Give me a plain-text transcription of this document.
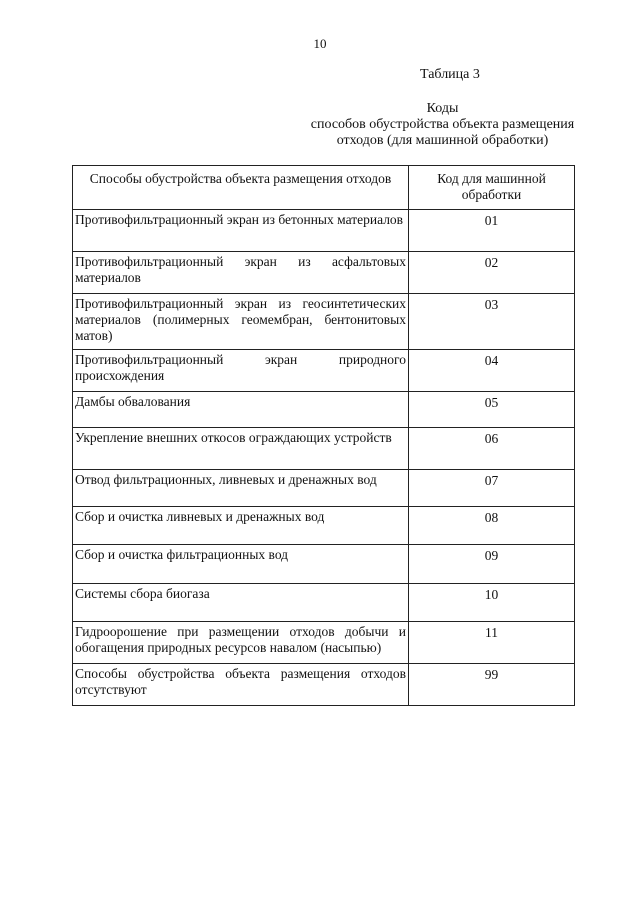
10
Таблица 3
Коды
способов обустройства объекта размещения
отходов (для машинной обработки)
Способы обустройства объекта размещения отходов	Код для машинной обработки
Противофильтрационный экран из бетонных материалов	01
Противофильтрационный экран из асфальтовых материалов	02
Противофильтрационный экран из геосинтетических материалов (полимерных геомембран, бентонитовых матов)	03
Противофильтрационный экран природного происхождения	04
Дамбы обвалования	05
Укрепление внешних откосов ограждающих устройств	06
Отвод фильтрационных, ливневых и дренажных вод	07
Сбор и очистка ливневых и дренажных вод	08
Сбор и очистка фильтрационных вод	09
Системы сбора биогаза	10
Гидроорошение при размещении отходов добычи и обогащения природных ресурсов навалом (насыпью)	11
Способы обустройства объекта размещения отходов отсутствуют	99
